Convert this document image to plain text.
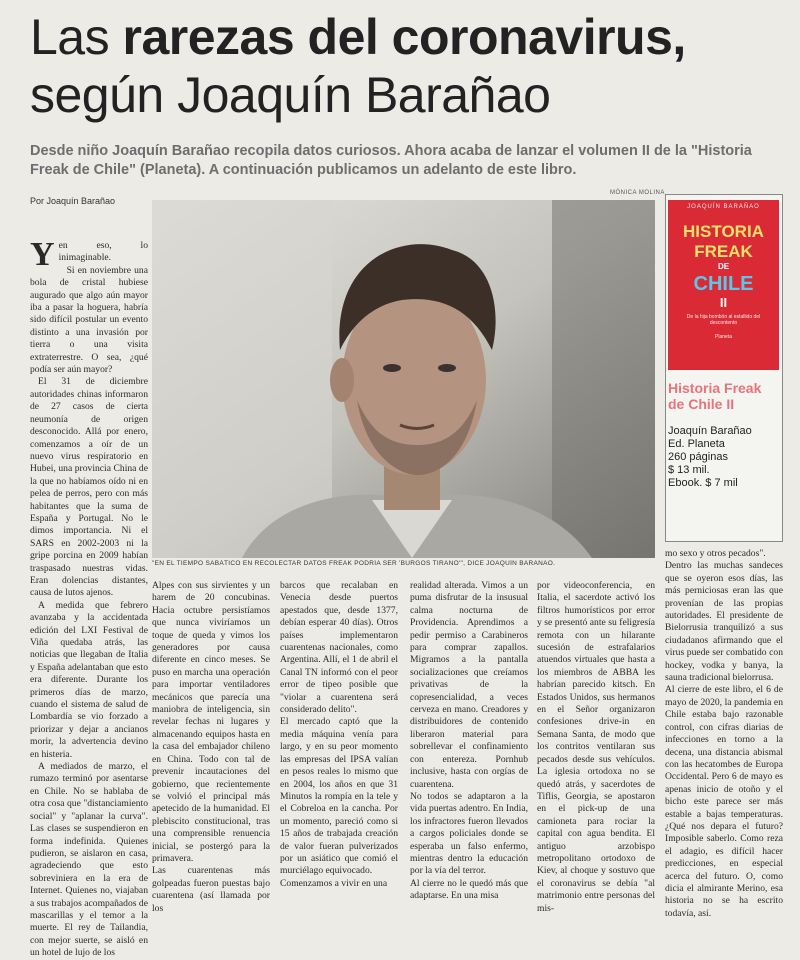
Las rarezas del coronavirus,
según Joaquín Barañao
Desde niño Joaquín Barañao recopila datos curiosos. Ahora acaba de lanzar el volumen II de la "Historia Freak de Chile" (Planeta). A continuación publicamos un adelanto de este libro.
Por Joaquín Barañao
MÓNICA MOLINA
"EN EL TIEMPO SABÁTICO EN RECOLECTAR DATOS FREAK PODRÍA SER 'BURGOS TIRANO'", DICE JOAQUÍN BARAÑAO.
JOAQUÍN BARAÑAO
HISTORIA
FREAK
DE
CHILE
II
De la hija bombón al estallido del descontento
Planeta
Historia Freak de Chile II
Joaquín Barañao
Ed. Planeta
260 páginas
$ 13 mil.
Ebook. $ 7 mil
Y en eso, lo inimaginable.

Si en noviembre una bola de cristal hubiese augurado que algo aún mayor iba a pasar la hoguera, habría sido difícil postular un evento distinto a una invasión por tierra o una visita extraterrestre. O sea, ¿qué podía ser aún mayor?

El 31 de diciembre autoridades chinas informaron de 27 casos de cierta neumonía de origen desconocido. Allá por enero, comenzamos a oír de un nuevo virus respiratorio en Hubei, una provincia China de la que no habíamos oído ni en pelea de perros, pero con más habitantes que la suma de España y Portugal. No le dimos importancia. Ni el SARS en 2002-2003 ni la gripe porcina en 2009 habían traspasado nuestras vidas. Eran dolencias distantes, causa de lutos ajenos.

A medida que febrero avanzaba y la accidentada edición del LXI Festival de Viña quedaba atrás, las noticias que llegaban de Italia y España adelantaban que esto era diferente. Durante los primeros días de marzo, cuando el sistema de salud de Lombardía se vio forzado a priorizar y dejar a ancianos morir, la advertencia devino en histeria.

A mediados de marzo, el rumazo terminó por asentarse en Chile. No se hablaba de otra cosa que "distanciamiento social" y "aplanar la curva". Las clases se suspendieron en forma indefinida. Quienes pudieron, se aislaron en casa, agradeciendo que esto sobreviniera en la era de Internet. Quienes no, viajaban a sus trabajos acompañados de mascarillas y el temor a la muerte. El rey de Tailandia, con mejor suerte, se aisló en un hotel de lujo de los

Alpes con sus sirvientes y un harem de 20 concubinas. Hacia octubre persistíamos que nunca viviríamos un toque de queda y vimos los generadores por causa diferente en cinco meses. Se puso en marcha una operación para importar ventiladores mecánicos que parecía una maniobra de inteligencia, sin revelar fechas ni lugares y almacenando equipos hasta en la casa del embajador chileno en China. Todo con tal de prevenir incautaciones del gobierno, que recientemente se volvió el principal más apetecido de la humanidad. El plebiscito constitucional, tras una comprensible renuencia inicial, se postergó para la primavera.
Las cuarentenas más golpeadas fueron puestas bajo cuarentena (así llamada por los
barcos que recalaban en Venecia desde puertos apestados que, desde 1377, debían esperar 40 días). Otros países implementaron cuarentenas nacionales, como Argentina. Allí, el 1 de abril el Canal TN informó con el peor error de tipeo posible que "violar a cuarentena será considerado delito".
El mercado captó que la media máquina venía para largo, y en su peor momento las empresas del IPSA valían en pesos reales lo mismo que en 2004, los años en que 31 Minutos la rompía en la tele y el Cobreloa en la cancha. Por un momento, pareció como si 15 años de trabajada creación de valor fueran pulverizados por un asiático que comió el murciélago equivocado.
Comenzamos a vivir en una
realidad alterada. Vimos a un puma disfrutar de la insusual calma nocturna de Providencia. Aprendimos a pedir permiso a Carabineros para comprar zapallos. Migramos a la pantalla socializaciones que creíamos privativas de la copresencialidad, a veces cerveza en mano. Creadores y distribuidores de contenido liberaron material para sobrellevar el confinamiento con entereza. Pornhub inclusive, hasta con orgías de cuarentena.
No todos se adaptaron a la vida puertas adentro. En India, los infractores fueron llevados a cargos policiales donde se esperaba un falso enfermo, mientras dentro la educación por la vía del terror.
Al cierre no le quedó más que adaptarse. En una misa
por videoconferencia, en Italia, el sacerdote activó los filtros humorísticos por error y se presentó ante su feligresía remota con un hilarante sucesión de estrafalarios atuendos virtuales que hasta a los miembros de ABBA les habrían parecido kitsch. En Estados Unidos, sus hermanos en el Señor organizaron confesiones drive-in en Semana Santa, de modo que los contritos ventilaran sus pecados desde sus vehículos. La iglesia ortodoxa no se quedó atrás, y sacerdotes de Tiflis, Georgia, se apostaron en el pick-up de una camioneta para rociar la capital con agua bendita. El antiguo arzobispo metropolitano ortodoxo de Kiev, al choque y sostuvo que el coronavirus se debía "al matrimonio entre personas del mis-
mo sexo y otros pecados".
Dentro las muchas sandeces que se oyeron esos días, las más perniciosas eran las que provenían de las propias autoridades. El presidente de Bielorrusia tranquilizó a sus ciudadanos afirmando que el virus puede ser combatido con hockey, vodka y banya, la sauna tradicional bielorrusa.
Al cierre de este libro, el 6 de mayo de 2020, la pandemia en Chile estaba bajo razonable control, con cifras diarias de infecciones en torno a la decena, una distancia abismal con las hecatombes de Europa Occidental. Pero 6 de mayo es apenas inicio de otoño y el bicho este parece ser más estable a bajas temperaturas. ¿Qué nos depara el futuro? Imposible saberlo. Como reza el adagio, es difícil hacer predicciones, en especial acerca del futuro. O, como dicia el almirante Merino, esa historia no se ha escrito todavía, así.
